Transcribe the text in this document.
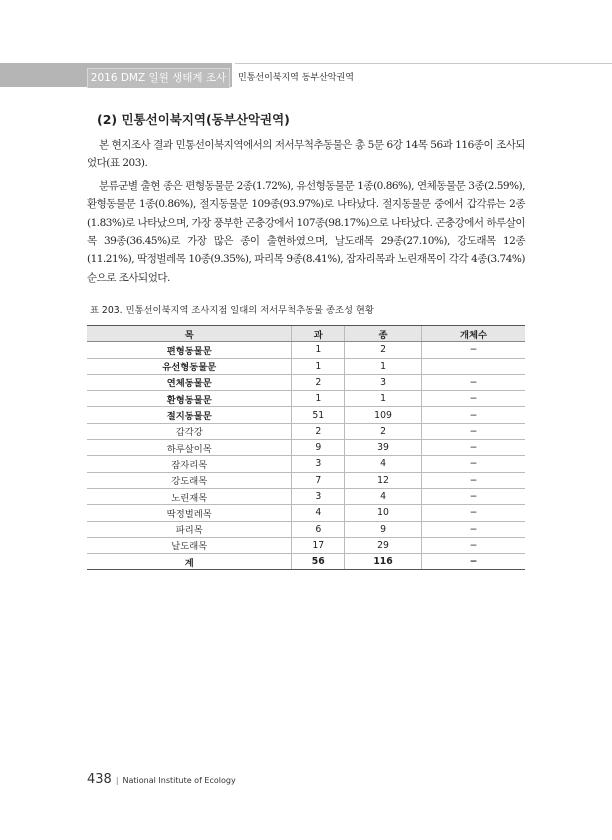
2016 DMZ 일원 생태계 조사	민통선이북지역 동부산악권역
(2) 민통선이북지역(동부산악권역)

본 현지조사 결과 민통선이북지역에서의 저서무척추동물은 총 5문 6강 14목 56과 116종이 조사되었다(표 203).

분류군별 출현 종은 편형동물문 2종(1.72%), 유선형동물문 1종(0.86%), 연체동물문 3종(2.59%), 환형동물문 1종(0.86%), 절지동물문 109종(93.97%)로 나타났다. 절지동물문 중에서 갑각류는 2종(1.83%)로 나타났으며, 가장 풍부한 곤충강에서 107종(98.17%)으로 나타났다. 곤충강에서 하루살이목 39종(36.45%)로 가장 많은 종이 출현하였으며, 날도래목 29종(27.10%), 강도래목 12종(11.21%), 딱정벌레목 10종(9.35%), 파리목 9종(8.41%), 잠자리목과 노린재목이 각각 4종(3.74%) 순으로 조사되었다.

표 203. 민통선이북지역 조사지점 일대의 저서무척추동물 종조성 현황
목	과	종	개체수
편형동물문	1	2	−
유선형동물문	1	1	
연체동물문	2	3	−
환형동물문	1	1	−
절지동물문	51	109	−
갑각강	2	2	−
하루살이목	9	39	−
잠자리목	3	4	−
강도래목	7	12	−
노린재목	3	4	−
딱정벌레목	4	10	−
파리목	6	9	−
날도래목	17	29	−
계	56	116	−
438 | National Institute of Ecology
